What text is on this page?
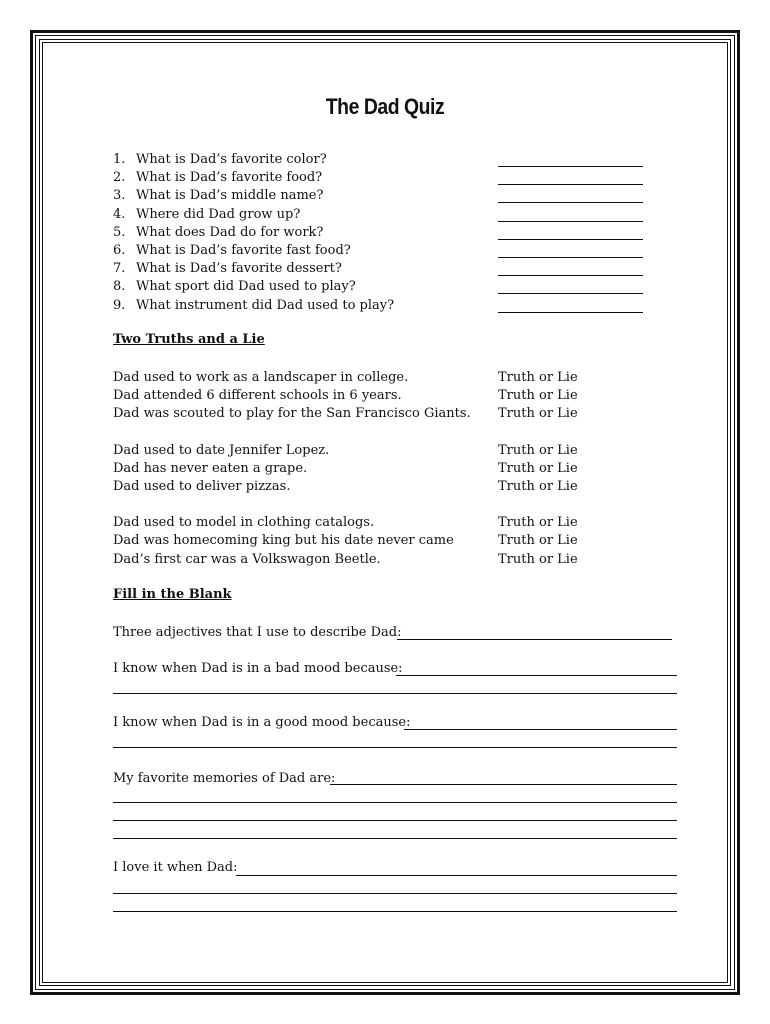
The Dad Quiz
1. What is Dad’s favorite color?
2. What is Dad’s favorite food?
3. What is Dad’s middle name?
4. Where did Dad grow up?
5. What does Dad do for work?
6. What is Dad’s favorite fast food?
7. What is Dad’s favorite dessert?
8. What sport did Dad used to play?
9. What instrument did Dad used to play?
Two Truths and a Lie
Dad used to work as a landscaper in college.	Truth or Lie
Dad attended 6 different schools in 6 years.	Truth or Lie
Dad was scouted to play for the San Francisco Giants. Truth or Lie
Dad used to date Jennifer Lopez.	Truth or Lie
Dad has never eaten a grape.	Truth or Lie
Dad used to deliver pizzas.	Truth or Lie
Dad used to model in clothing catalogs.	Truth or Lie
Dad was homecoming king but his date never came	Truth or Lie
Dad’s first car was a Volkswagon Beetle.	Truth or Lie
Fill in the Blank
Three adjectives that I use to describe Dad:
I know when Dad is in a bad mood because:
I know when Dad is in a good mood because:
My favorite memories of Dad are:
I love it when Dad:
